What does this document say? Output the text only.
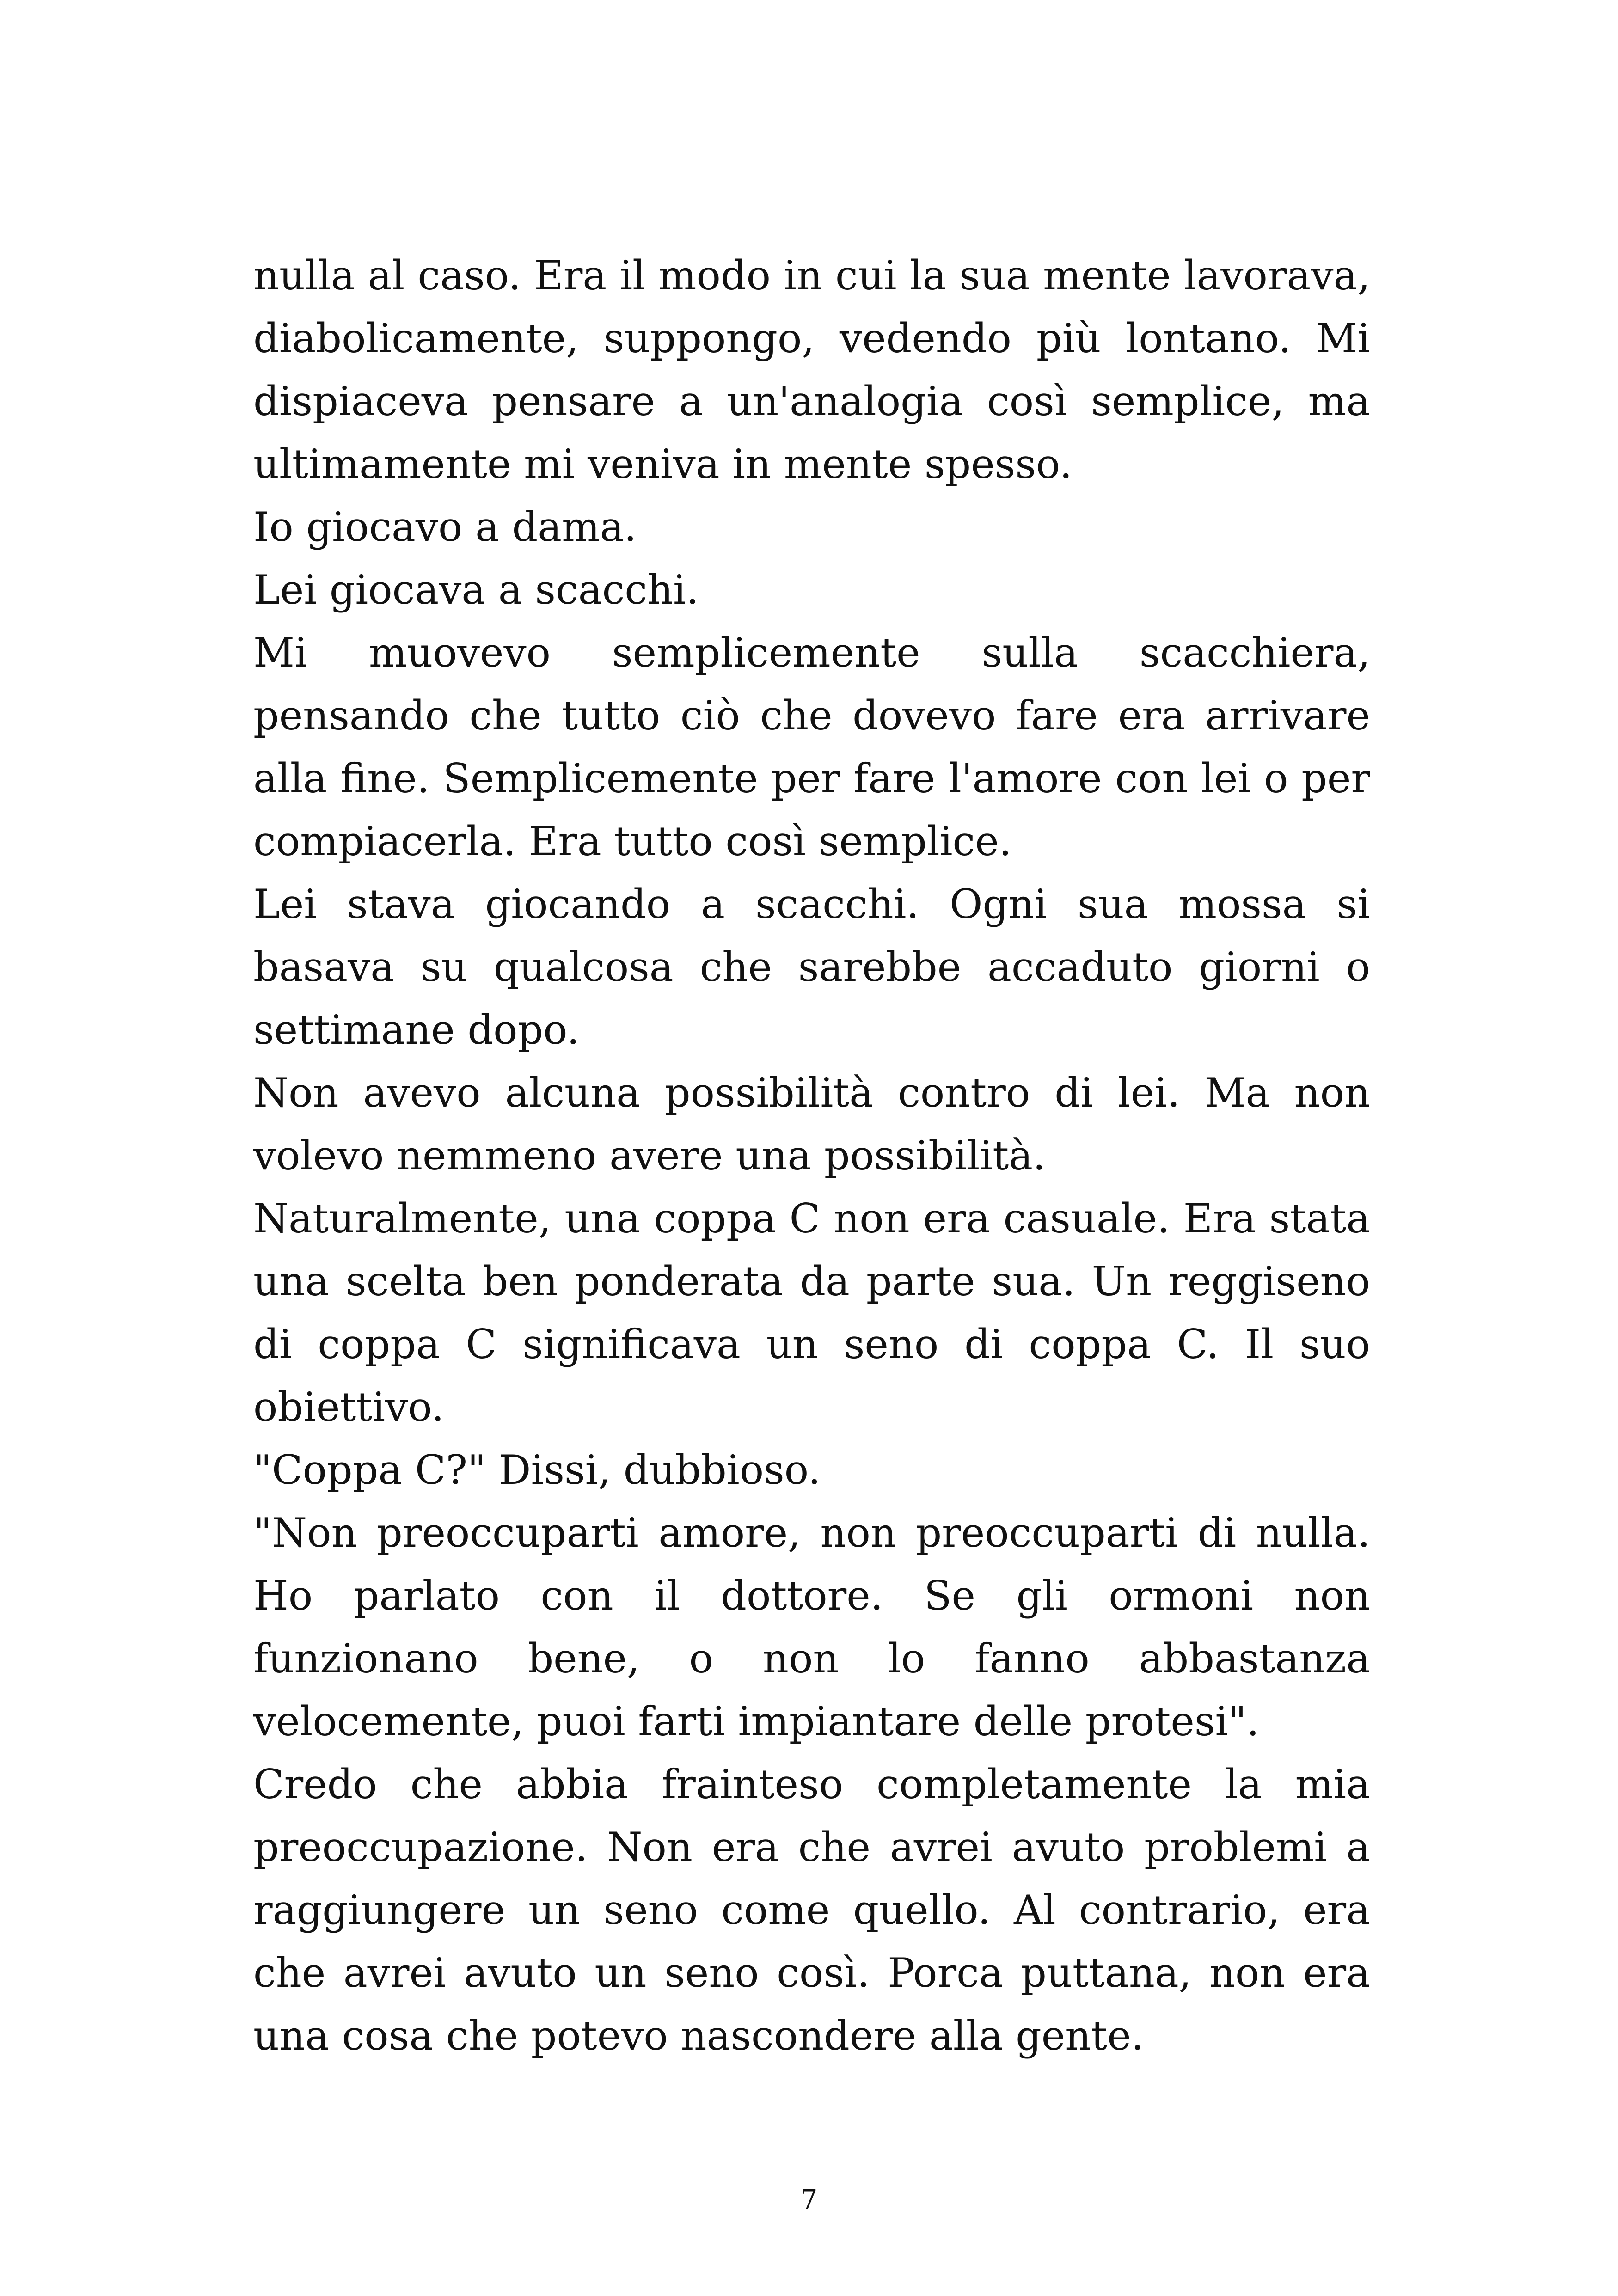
nulla al caso. Era il modo in cui la sua mente lavorava, diabolicamente, suppongo, vedendo più lontano. Mi dispiaceva pensare a un'analogia così semplice, ma ultimamente mi veniva in mente spesso.

Io giocavo a dama.

Lei giocava a scacchi.

Mi muovevo semplicemente sulla scacchiera, pensando che tutto ciò che dovevo fare era arrivare alla fine. Semplicemente per fare l'amore con lei o per compiacerla. Era tutto così semplice.

Lei stava giocando a scacchi. Ogni sua mossa si basava su qualcosa che sarebbe accaduto giorni o settimane dopo.

Non avevo alcuna possibilità contro di lei. Ma non volevo nemmeno avere una possibilità.

Naturalmente, una coppa C non era casuale. Era stata una scelta ben ponderata da parte sua. Un reggiseno di coppa C significava un seno di coppa C. Il suo obiettivo.

"Coppa C?" Dissi, dubbioso.

"Non preoccuparti amore, non preoccuparti di nulla. Ho parlato con il dottore. Se gli ormoni non funzionano bene, o non lo fanno abbastanza velocemente, puoi farti impiantare delle protesi".

Credo che abbia frainteso completamente la mia preoccupazione. Non era che avrei avuto problemi a raggiungere un seno come quello. Al contrario, era che avrei avuto un seno così. Porca puttana, non era una cosa che potevo nascondere alla gente.

7
